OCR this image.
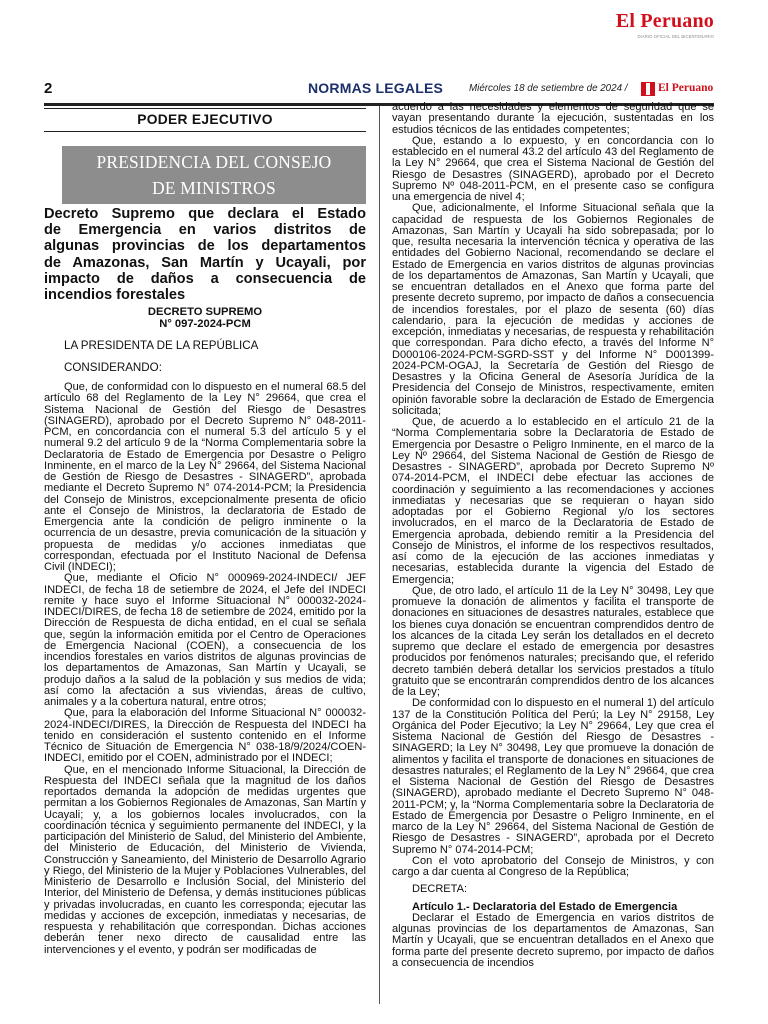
El Peruano
DIARIO OFICIAL DEL BICENTENARIO
2	NORMAS LEGALES	Miércoles 18 de setiembre de 2024 /	El Peruano
PODER EJECUTIVO
PRESIDENCIA DEL CONSEJO
DE MINISTROS
Decreto Supremo que declara el Estado
de Emergencia en varios distritos de
algunas provincias de los departamentos
de Amazonas, San Martín y Ucayali, por
impacto de daños a consecuencia de
incendios forestales
DECRETO SUPREMO
N° 097-2024-PCM
LA PRESIDENTA DE LA REPÚBLICA
CONSIDERANDO:

Que, de conformidad con lo dispuesto en el numeral 68.5 del artículo 68 del Reglamento de la Ley N° 29664, que crea el Sistema Nacional de Gestión del Riesgo de Desastres (SINAGERD), aprobado por el Decreto Supremo N° 048-2011-PCM, en concordancia con el numeral 5.3 del artículo 5 y el numeral 9.2 del artículo 9 de la “Norma Complementaria sobre la Declaratoria de Estado de Emergencia por Desastre o Peligro Inminente, en el marco de la Ley N° 29664, del Sistema Nacional de Gestión de Riesgo de Desastres - SINAGERD”, aprobada mediante el Decreto Supremo N° 074-2014-PCM; la Presidencia del Consejo de Ministros, excepcionalmente presenta de oficio ante el Consejo de Ministros, la declaratoria de Estado de Emergencia ante la condición de peligro inminente o la ocurrencia de un desastre, previa comunicación de la situación y propuesta de medidas y/o acciones inmediatas que correspondan, efectuada por el Instituto Nacional de Defensa Civil (INDECI);

Que, mediante el Oficio N° 000969-2024-INDECI/ JEF INDECI, de fecha 18 de setiembre de 2024, el Jefe del INDECI remite y hace suyo el Informe Situacional N° 000032-2024-INDECI/DIRES, de fecha 18 de setiembre de 2024, emitido por la Dirección de Respuesta de dicha entidad, en el cual se señala que, según la información emitida por el Centro de Operaciones de Emergencia Nacional (COEN), a consecuencia de los incendios forestales en varios distritos de algunas provincias de los departamentos de Amazonas, San Martín y Ucayali, se produjo daños a la salud de la población y sus medios de vida; así como la afectación a sus viviendas, áreas de cultivo, animales y a la cobertura natural, entre otros;

Que, para la elaboración del Informe Situacional N° 000032-2024-INDECI/DIRES, la Dirección de Respuesta del INDECI ha tenido en consideración el sustento contenido en el Informe Técnico de Situación de Emergencia N° 038-18/9/2024/COEN-INDECI, emitido por el COEN, administrado por el INDECI;

Que, en el mencionado Informe Situacional, la Dirección de Respuesta del INDECI señala que la magnitud de los daños reportados demanda la adopción de medidas urgentes que permitan a los Gobiernos Regionales de Amazonas, San Martín y Ucayali; y, a los gobiernos locales involucrados, con la coordinación técnica y seguimiento permanente del INDECI, y la participación del Ministerio de Salud, del Ministerio del Ambiente, del Ministerio de Educación, del Ministerio de Vivienda, Construcción y Saneamiento, del Ministerio de Desarrollo Agrario y Riego, del Ministerio de la Mujer y Poblaciones Vulnerables, del Ministerio de Desarrollo e Inclusión Social, del Ministerio del Interior, del Ministerio de Defensa, y demás instituciones públicas y privadas involucradas, en cuanto les corresponda; ejecutar las medidas y acciones de excepción, inmediatas y necesarias, de respuesta y rehabilitación que correspondan. Dichas acciones deberán tener nexo directo de causalidad entre las intervenciones y el evento, y podrán ser modificadas de

acuerdo a las necesidades y elementos de seguridad que se vayan presentando durante la ejecución, sustentadas en los estudios técnicos de las entidades competentes;

Que, estando a lo expuesto, y en concordancia con lo establecido en el numeral 43.2 del artículo 43 del Reglamento de la Ley N° 29664, que crea el Sistema Nacional de Gestión del Riesgo de Desastres (SINAGERD), aprobado por el Decreto Supremo Nº 048-2011-PCM, en el presente caso se configura una emergencia de nivel 4;

Que, adicionalmente, el Informe Situacional señala que la capacidad de respuesta de los Gobiernos Regionales de Amazonas, San Martín y Ucayali ha sido sobrepasada; por lo que, resulta necesaria la intervención técnica y operativa de las entidades del Gobierno Nacional, recomendando se declare el Estado de Emergencia en varios distritos de algunas provincias de los departamentos de Amazonas, San Martín y Ucayali, que se encuentran detallados en el Anexo que forma parte del presente decreto supremo, por impacto de daños a consecuencia de incendios forestales, por el plazo de sesenta (60) días calendario, para la ejecución de medidas y acciones de excepción, inmediatas y necesarias, de respuesta y rehabilitación que correspondan. Para dicho efecto, a través del Informe N° D000106-2024-PCM-SGRD-SST y del Informe N° D001399-2024-PCM-OGAJ, la Secretaría de Gestión del Riesgo de Desastres y la Oficina General de Asesoría Jurídica de la Presidencia del Consejo de Ministros, respectivamente, emiten opinión favorable sobre la declaración de Estado de Emergencia solicitada;

Que, de acuerdo a lo establecido en el artículo 21 de la “Norma Complementaria sobre la Declaratoria de Estado de Emergencia por Desastre o Peligro Inminente, en el marco de la Ley Nº 29664, del Sistema Nacional de Gestión de Riesgo de Desastres - SINAGERD”, aprobada por Decreto Supremo Nº 074-2014-PCM, el INDECI debe efectuar las acciones de coordinación y seguimiento a las recomendaciones y acciones inmediatas y necesarias que se requieran o hayan sido adoptadas por el Gobierno Regional y/o los sectores involucrados, en el marco de la Declaratoria de Estado de Emergencia aprobada, debiendo remitir a la Presidencia del Consejo de Ministros, el informe de los respectivos resultados, así como de la ejecución de las acciones inmediatas y necesarias, establecida durante la vigencia del Estado de Emergencia;

Que, de otro lado, el artículo 11 de la Ley N° 30498, Ley que promueve la donación de alimentos y facilita el transporte de donaciones en situaciones de desastres naturales, establece que los bienes cuya donación se encuentran comprendidos dentro de los alcances de la citada Ley serán los detallados en el decreto supremo que declare el estado de emergencia por desastres producidos por fenómenos naturales; precisando que, el referido decreto también deberá detallar los servicios prestados a título gratuito que se encontrarán comprendidos dentro de los alcances de la Ley;

De conformidad con lo dispuesto en el numeral 1) del artículo 137 de la Constitución Política del Perú; la Ley N° 29158, Ley Orgánica del Poder Ejecutivo; la Ley N° 29664, Ley que crea el Sistema Nacional de Gestión del Riesgo de Desastres - SINAGERD; la Ley N° 30498, Ley que promueve la donación de alimentos y facilita el transporte de donaciones en situaciones de desastres naturales; el Reglamento de la Ley N° 29664, que crea el Sistema Nacional de Gestión del Riesgo de Desastres (SINAGERD), aprobado mediante el Decreto Supremo N° 048-2011-PCM; y, la “Norma Complementaria sobre la Declaratoria de Estado de Emergencia por Desastre o Peligro Inminente, en el marco de la Ley N° 29664, del Sistema Nacional de Gestión de Riesgo de Desastres - SINAGERD”, aprobada por el Decreto Supremo N° 074-2014-PCM;

Con el voto aprobatorio del Consejo de Ministros, y con cargo a dar cuenta al Congreso de la República;

DECRETA:

Artículo 1.- Declaratoria del Estado de Emergencia

Declarar el Estado de Emergencia en varios distritos de algunas provincias de los departamentos de Amazonas, San Martín y Ucayali, que se encuentran detallados en el Anexo que forma parte del presente decreto supremo, por impacto de daños a consecuencia de incendios
